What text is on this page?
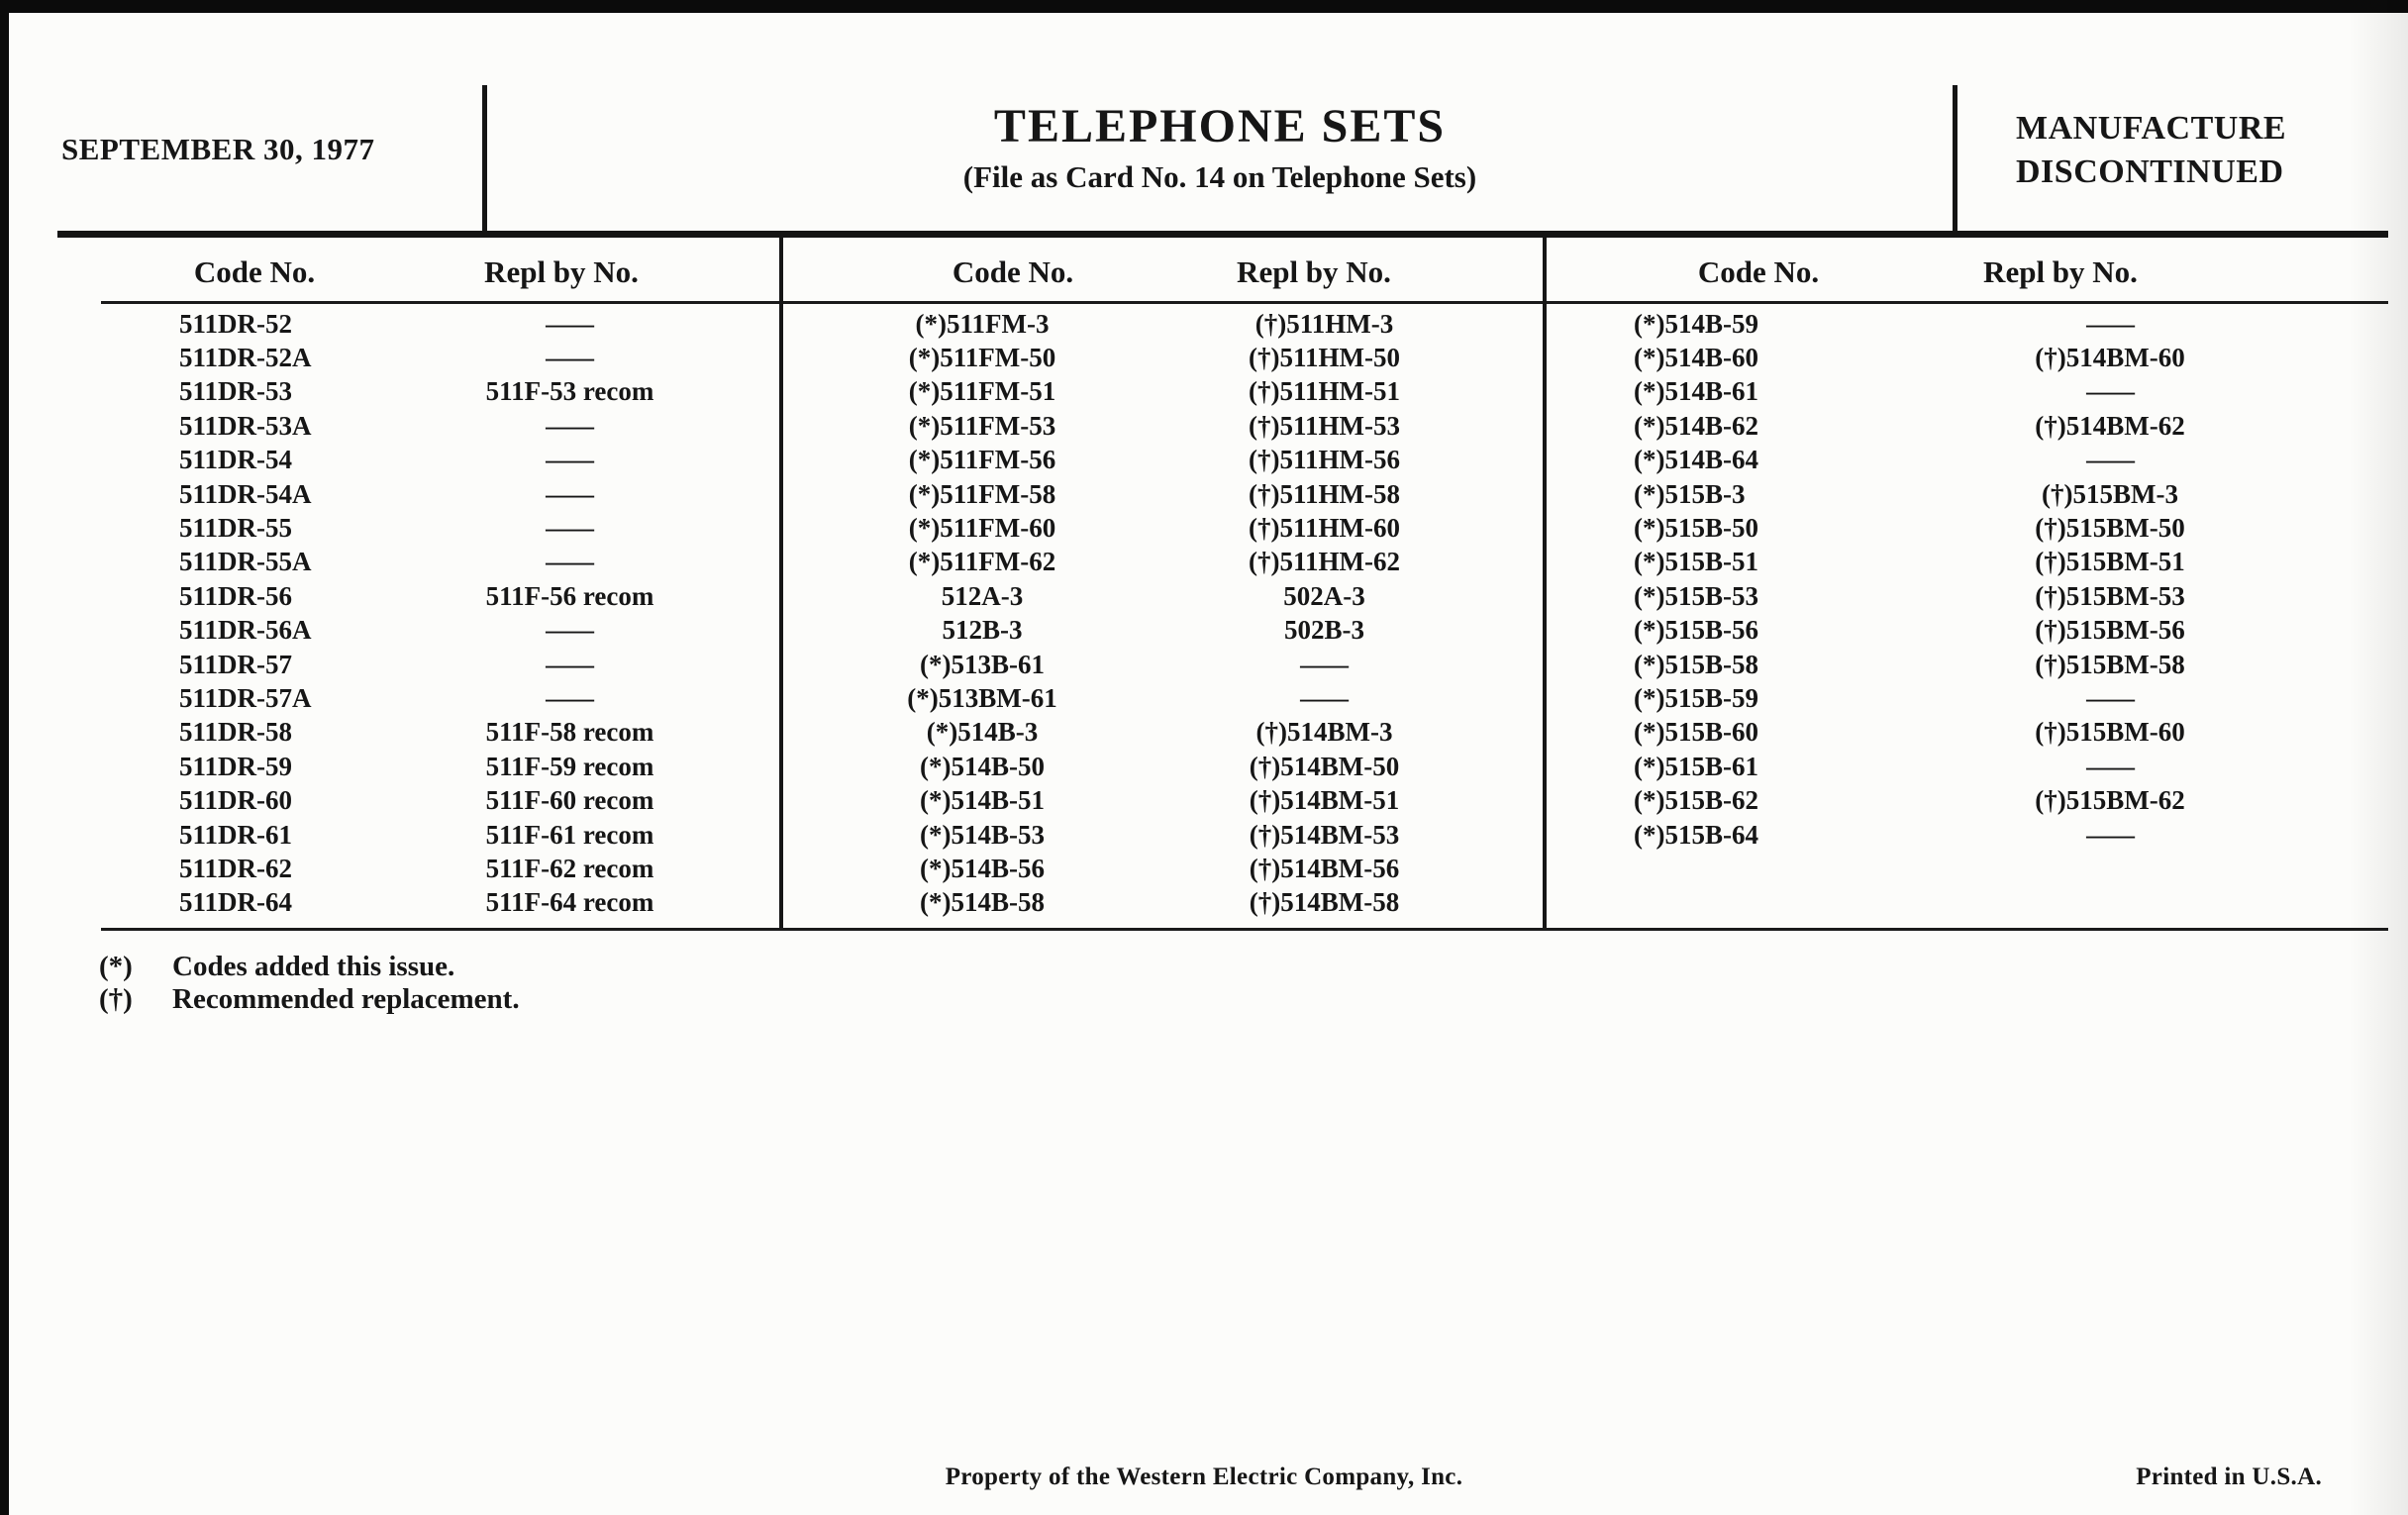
SEPTEMBER 30, 1977	TELEPHONE SETS
(File as Card No. 14 on Telephone Sets)
MANUFACTURE
DISCONTINUED
Code No.	Repl by No.	Code No.	Repl by No.	Code No.	Repl by No.
511DR-52	—
511DR-52A	—
511DR-53	511F-53 recom
511DR-53A	—
511DR-54	—
511DR-54A	—
511DR-55	—
511DR-55A	—
511DR-56	511F-56 recom
511DR-56A	—
511DR-57	—
511DR-57A	—
511DR-58	511F-58 recom
511DR-59	511F-59 recom
511DR-60	511F-60 recom
511DR-61	511F-61 recom
511DR-62	511F-62 recom
511DR-64	511F-64 recom
(*)511FM-3	(†)511HM-3
(*)511FM-50	(†)511HM-50
(*)511FM-51	(†)511HM-51
(*)511FM-53	(†)511HM-53
(*)511FM-56	(†)511HM-56
(*)511FM-58	(†)511HM-58
(*)511FM-60	(†)511HM-60
(*)511FM-62	(†)511HM-62
512A-3	502A-3
512B-3	502B-3
(*)513B-61	—
(*)513BM-61	—
(*)514B-3	(†)514BM-3
(*)514B-50	(†)514BM-50
(*)514B-51	(†)514BM-51
(*)514B-53	(†)514BM-53
(*)514B-56	(†)514BM-56
(*)514B-58	(†)514BM-58
(*)514B-59	—
(*)514B-60	(†)514BM-60
(*)514B-61	—
(*)514B-62	(†)514BM-62
(*)514B-64	—
(*)515B-3	(†)515BM-3
(*)515B-50	(†)515BM-50
(*)515B-51	(†)515BM-51
(*)515B-53	(†)515BM-53
(*)515B-56	(†)515BM-56
(*)515B-58	(†)515BM-58
(*)515B-59	—
(*)515B-60	(†)515BM-60
(*)515B-61	—
(*)515B-62	(†)515BM-62
(*)515B-64	—
(*)	Codes added this issue.
(†)	Recommended replacement.
Property of the Western Electric Company, Inc.	Printed in U.S.A.
